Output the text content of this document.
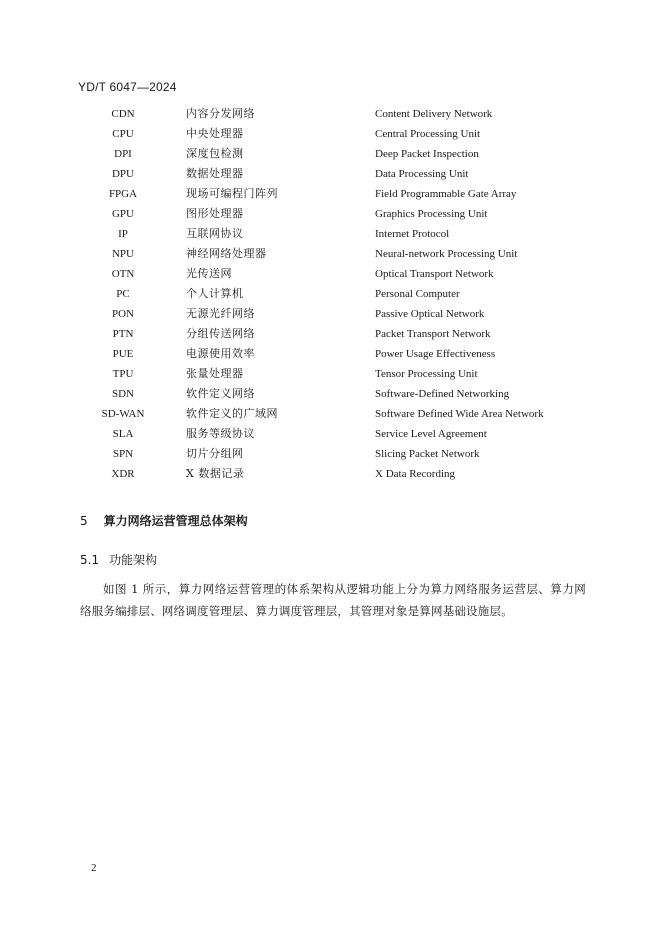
YD/T 6047—2024
CDN	内容分发网络	Content Delivery Network
CPU	中央处理器	Central Processing Unit
DPI	深度包检测	Deep Packet Inspection
DPU	数据处理器	Data Processing Unit
FPGA	现场可编程门阵列	Field Programmable Gate Array
GPU	图形处理器	Graphics Processing Unit
IP	互联网协议	Internet Protocol
NPU	神经网络处理器	Neural-network Processing Unit
OTN	光传送网	Optical Transport Network
PC	个人计算机	Personal Computer
PON	无源光纤网络	Passive Optical Network
PTN	分组传送网络	Packet Transport Network
PUE	电源使用效率	Power Usage Effectiveness
TPU	张量处理器	Tensor Processing Unit
SDN	软件定义网络	Software-Defined Networking
SD-WAN	软件定义的广域网	Software Defined Wide Area Network
SLA	服务等级协议	Service Level Agreement
SPN	切片分组网	Slicing Packet Network
XDR	X 数据记录	X Data Recording
5 算力网络运营管理总体架构
5.1 功能架构
如图 1 所示，算力网络运营管理的体系架构从逻辑功能上分为算力网络服务运营层、算力网络服务编排层、网络调度管理层、算力调度管理层，其管理对象是算网基础设施层。
2
